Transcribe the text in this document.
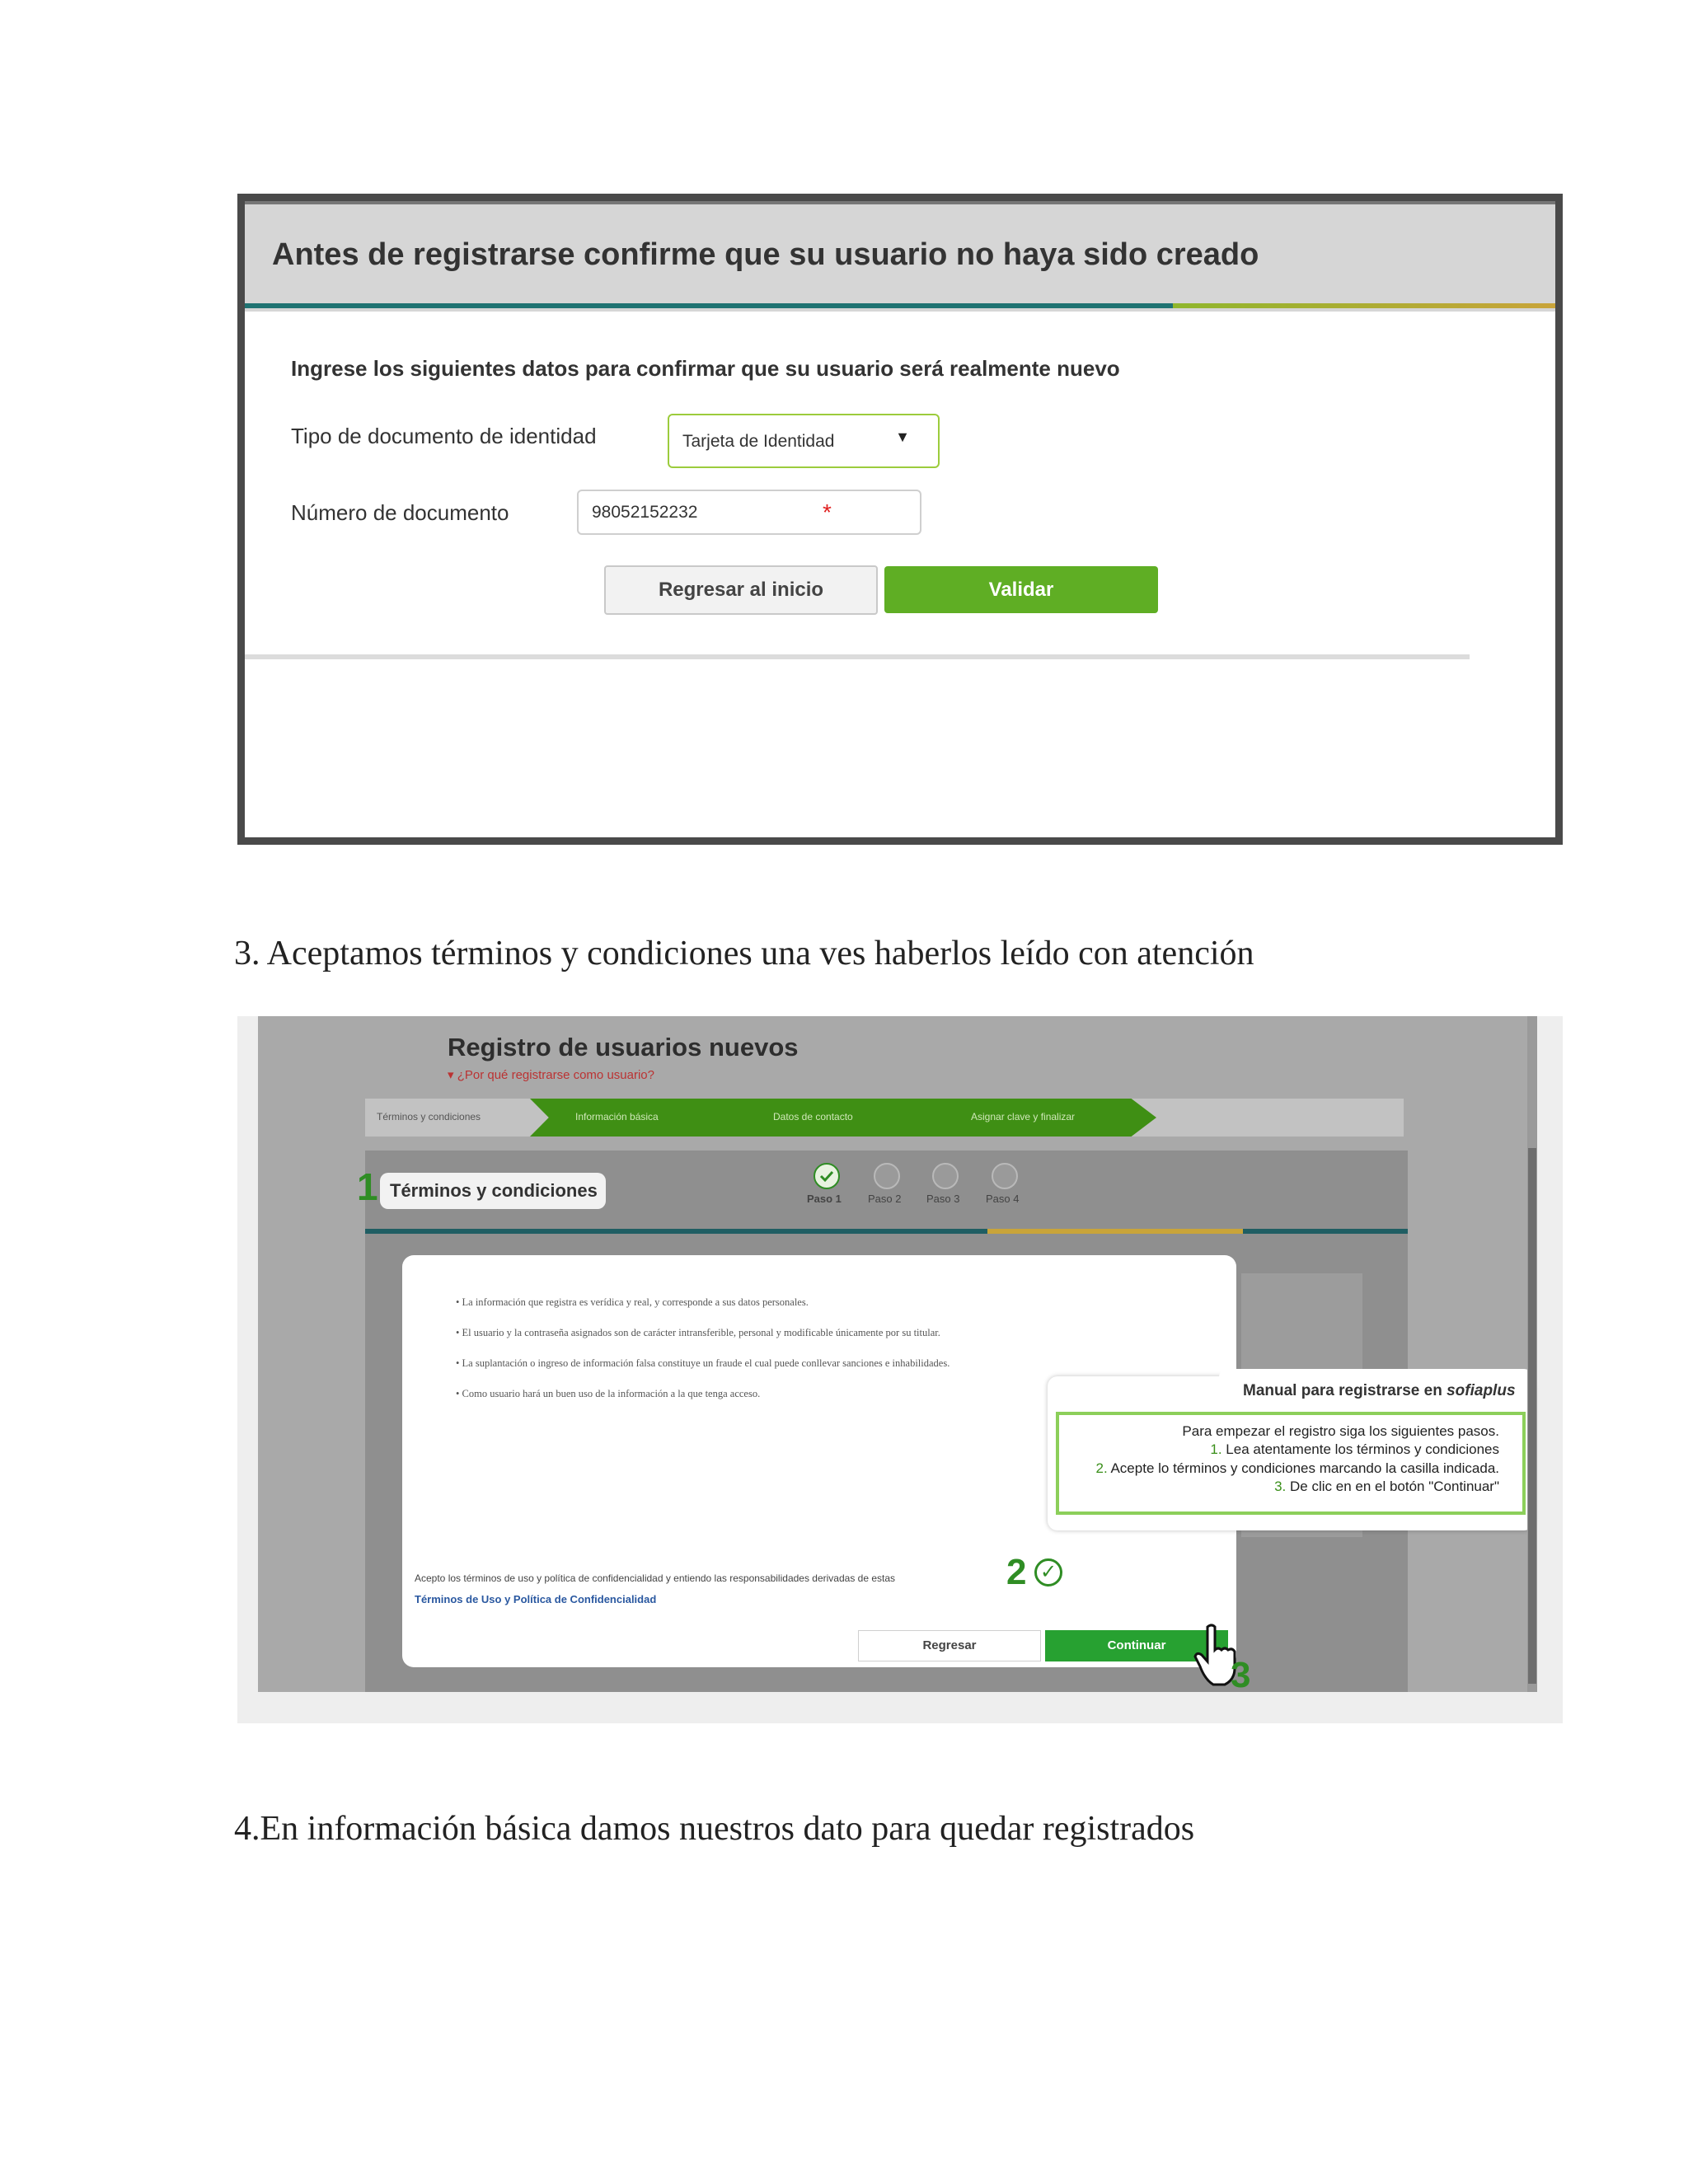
Antes de registrarse confirme que su usuario no haya sido creado
Ingrese los siguientes datos para confirmar que su usuario será realmente nuevo
Tipo de documento de identidad	Tarjeta de Identidad	▼
Número de documento	98052152232	*
Regresar al inicio	Validar
3. Aceptamos términos y condiciones una ves haberlos leído con atención
Registro de usuarios nuevos
▾ ¿Por qué registrarse como usuario?
Términos y condiciones	Información básica	Datos de contacto	Asignar clave y finalizar
1 Términos y condiciones	Paso 1 Paso 2 Paso 3 Paso 4
• La información que registra es verídica y real, y corresponde a sus datos personales.
• El usuario y la contraseña asignados son de carácter intransferible, personal y modificable únicamente por su titular.
• La suplantación o ingreso de información falsa constituye un fraude el cual puede conllevar sanciones e inhabilidades.
• Como usuario hará un buen uso de la información a la que tenga acceso.
Acepto los términos de uso y política de confidencialidad y entiendo las responsabilidades derivadas de estas
Términos de Uso y Política de Confidencialidad
2 ✓
Regresar	Continuar
3
Manual para registrarse en sofiaplus
Para empezar el registro siga los siguientes pasos.
1. Lea atentamente los términos y condiciones
2. Acepte lo términos y condiciones marcando la casilla indicada.
3. De clic en en el botón "Continuar"
4.En información básica damos nuestros dato para quedar registrados
